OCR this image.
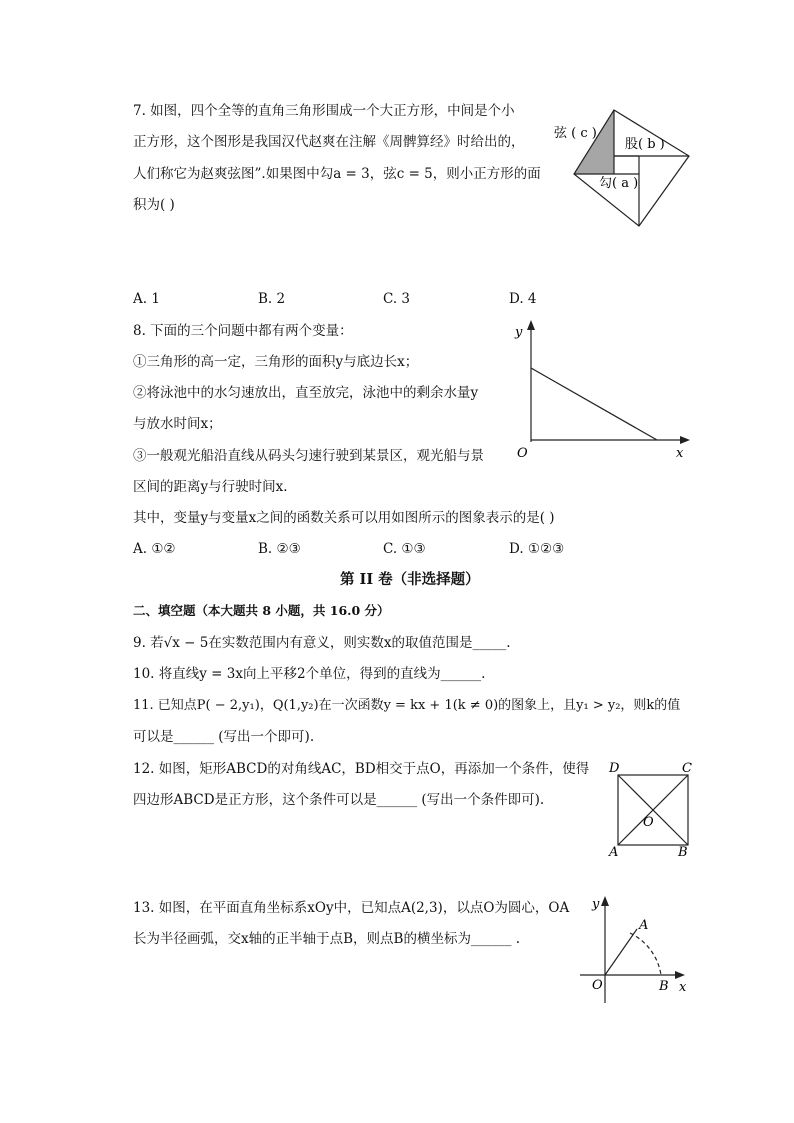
7. 如图，四个全等的直角三角形围成一个大正方形，中间是个小
正方形，这个图形是我国汉代赵爽在注解《周髀算经》时给出的，
人们称它为赵爽弦图”.如果图中勾a = 3，弦c = 5，则小正方形的面
积为( )
弦 ( c )
股( b )
勾( a )
A. 1	B. 2	C. 3	D. 4
8. 下面的三个问题中都有两个变量：
①三角形的高一定，三角形的面积y与底边长x；
②将泳池中的水匀速放出，直至放完，泳池中的剩余水量y
与放水时间x；
③一般观光船沿直线从码头匀速行驶到某景区，观光船与景
区间的距离y与行驶时间x.
其中，变量y与变量x之间的函数关系可以用如图所示的图象表示的是( )
y
x
O
A. ①②	B. ②③	C. ①③	D. ①②③
第 II 卷（非选择题）
二、填空题（本大题共 8 小题，共 16.0 分）
9. 若√x − 5在实数范围内有意义，则实数x的取值范围是_____.
10. 将直线y = 3x向上平移2个单位，得到的直线为______.
11. 已知点P( − 2,y₁)，Q(1,y₂)在一次函数y = kx + 1(k ≠ 0)的图象上，且y₁ > y₂，则k的值
可以是______ (写出一个即可).
12. 如图，矩形ABCD的对角线AC，BD相交于点O，再添加一个条件，使得
四边形ABCD是正方形，这个条件可以是______ (写出一个条件即可).
D	C
A	B
O
13. 如图，在平面直角坐标系xOy中，已知点A(2,3)，以点O为圆心，OA
长为半径画弧，交x轴的正半轴于点B，则点B的横坐标为______ .
y
x
O
A
B
